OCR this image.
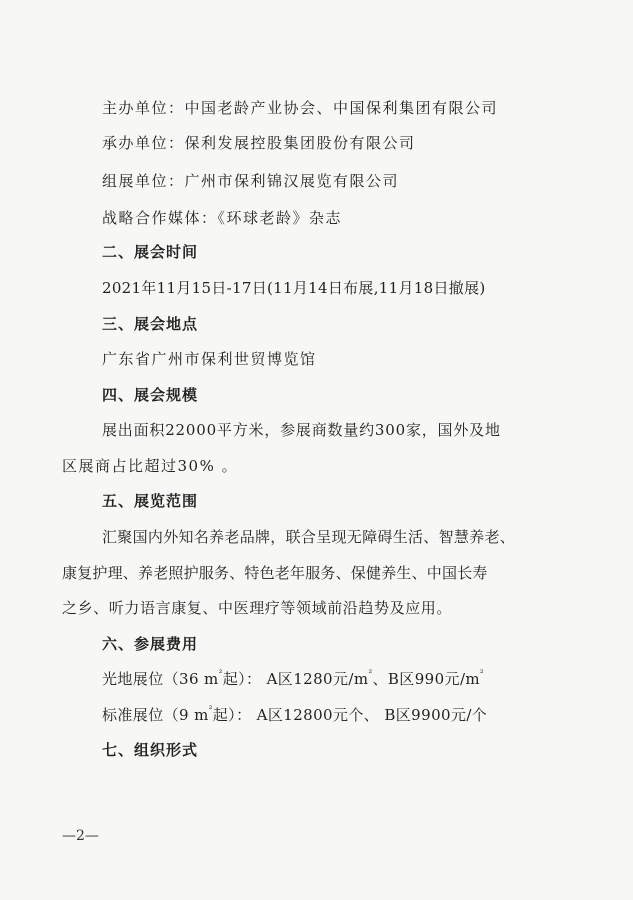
主办单位：中国老龄产业协会、中国保利集团有限公司
承办单位：保利发展控股集团股份有限公司
组展单位：广州市保利锦汉展览有限公司
战略合作媒体：《环球老龄》杂志
二、展会时间
2021年11月15日-17日(11月14日布展,11月18日撤展)
三、展会地点
广东省广州市保利世贸博览馆
四、展会规模
展出面积22000平方米，参展商数量约300家，国外及地
区展商占比超过30% 。
五、展览范围
汇聚国内外知名养老品牌，联合呈现无障碍生活、智慧养老、
康复护理、养老照护服务、特色老年服务、保健养生、中国长寿
之乡、听力语言康复、中医理疗等领域前沿趋势及应用。
六、参展费用
光地展位（36 $m^{^2}$起）： A区1280元$/m^{^2}$、B区990元$/m^{^2}$
标准展位（9 $m^{^2}$起）： A区12800元个、 B区9900元/个
七、组织形式
—2—
